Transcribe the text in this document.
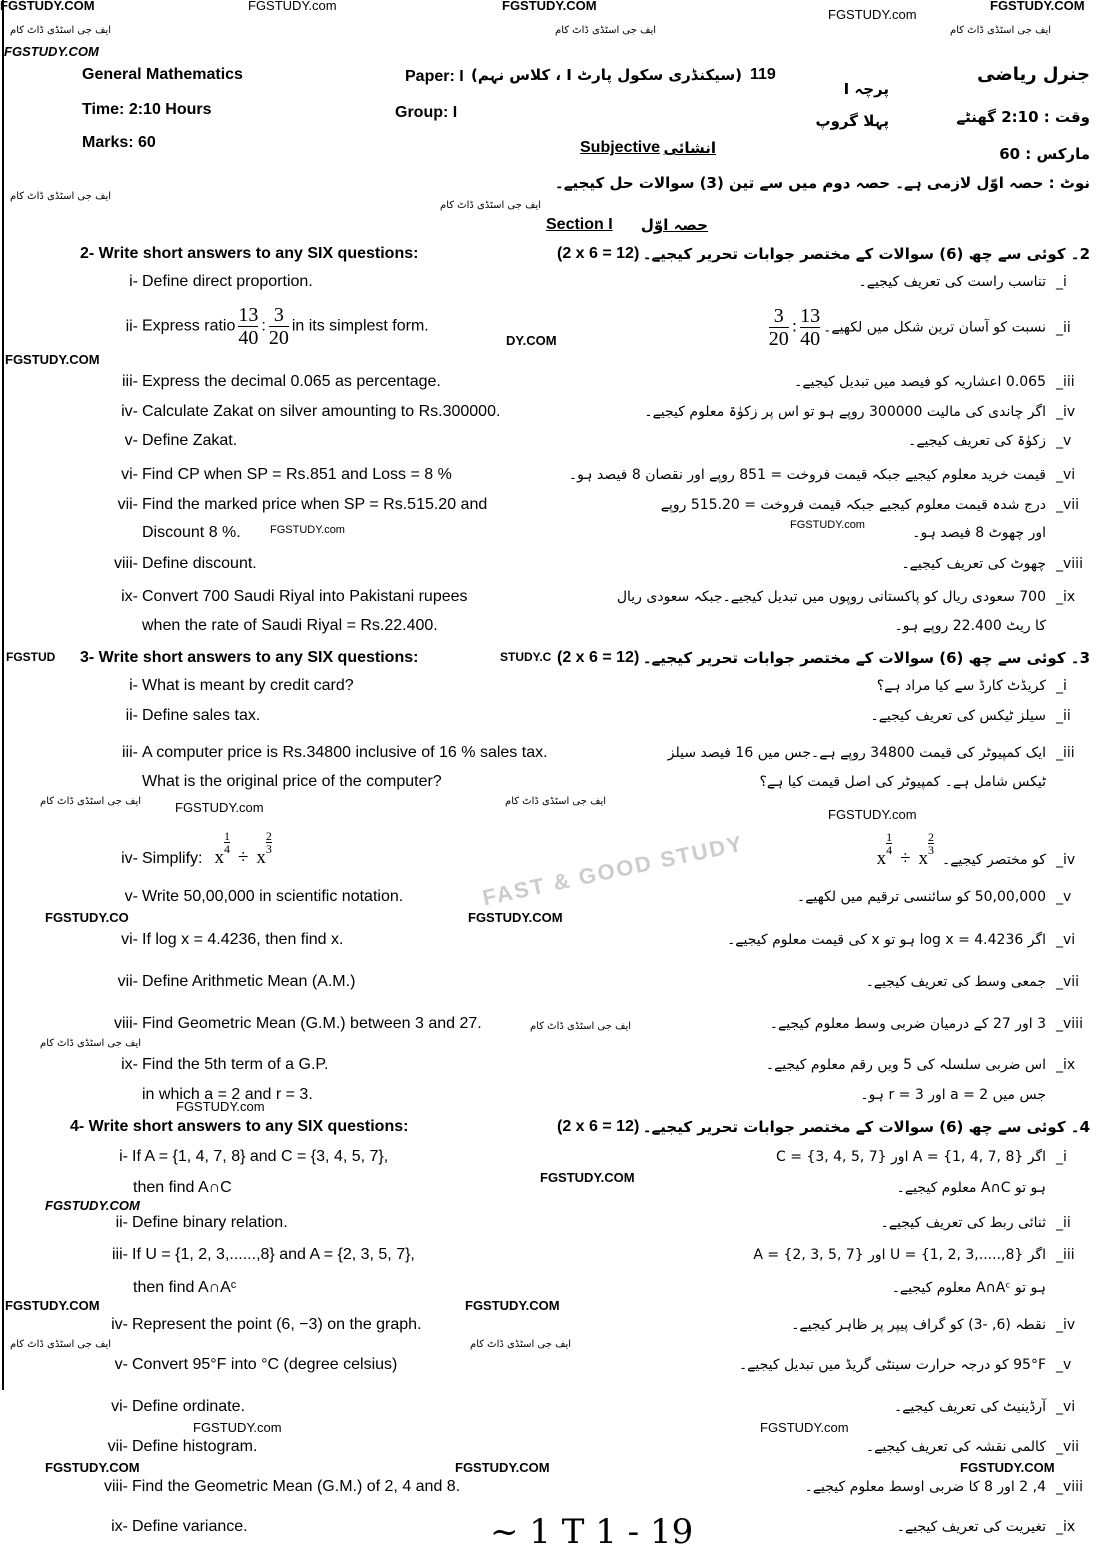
FGSTUDY.COM	FGSTUDY.com	FGSTUDY.COM
FGSTUDY.com
FGSTUDY.COM
ایف جی اسٹڈی ڈاٹ کام	ایف جی اسٹڈی ڈاٹ کام	ایف جی اسٹڈی ڈاٹ کام
FGSTUDY.COM
ایف جی اسٹڈی ڈاٹ کام
ایف جی اسٹڈی ڈاٹ کام
FGSTUDY.COM
DY.COM
FGSTUDY.com	FGSTUDY.com
FGSTUD	STUDY.C
ایف جی اسٹڈی ڈاٹ کام	ایف جی اسٹڈی ڈاٹ کام
FGSTUDY.com	FGSTUDY.com
FAST & GOOD STUDY
FGSTUDY.CO	FGSTUDY.COM
ایف جی اسٹڈی ڈاٹ کام
ایف جی اسٹڈی ڈاٹ کام
FGSTUDY.com
FGSTUDY.COM
FGSTUDY.COM
FGSTUDY.COM	FGSTUDY.COM
ایف جی اسٹڈی ڈاٹ کام	ایف جی اسٹڈی ڈاٹ کام
FGSTUDY.com	FGSTUDY.com
FGSTUDY.COM	FGSTUDY.COM	FGSTUDY.COM
General Mathematics
Time: 2:10 Hours
Marks: 60
Paper: I
Group: I
119
(سیکنڈری سکول پارٹ I ، کلاس نہم)	جنرل ریاضی
پرچہ I
پہلا گروپ	وقت : 2:10 گھنٹے
مارکس : 60
Subjective انشائی
نوٹ : حصہ اوّل لازمی ہے۔ حصہ دوم میں سے تین (3) سوالات حل کیجیے۔
Section I حصہ اوّل
2- Write short answers to any SIX questions:	(2 x 6 = 12) 2۔ کوئی سے چھ (6) سوالات کے مختصر جوابات تحریر کیجیے۔
i- Define direct proportion.	_iتناسب راست کی تعریف کیجیے۔
ii- Express ratio $\frac{13}{40}$ : $\frac{3}{20}$ in its simplest form.	_iiنسبت کو آسان ترین شکل میں لکھیے۔
$\frac{13}{40}$
:
$\frac{3}{20}$
iii- Express the decimal 0.065 as percentage.	_iii0.065 اعشاریہ کو فیصد میں تبدیل کیجیے۔
iv- Calculate Zakat on silver amounting to Rs.300000.	_ivاگر چاندی کی مالیت 300000 روپے ہو تو اس پر زکوٰۃ معلوم کیجیے۔
v- Define Zakat.	_vزکوٰۃ کی تعریف کیجیے۔
vi- Find CP when SP = Rs.851 and Loss = 8 %	_viقیمت خرید معلوم کیجیے جبکہ قیمت فروخت = 851 روپے اور نقصان 8 فیصد ہو۔
vii- Find the marked price when SP = Rs.515.20 and
Discount 8 %.
_viiدرج شدہ قیمت معلوم کیجیے جبکہ قیمت فروخت = 515.20 روپے
اور چھوٹ 8 فیصد ہو۔
viii- Define discount.	_viiiچھوٹ کی تعریف کیجیے۔
ix- Convert 700 Saudi Riyal into Pakistani rupees
when the rate of Saudi Riyal = Rs.22.400.
_ix700 سعودی ریال کو پاکستانی روپوں میں تبدیل کیجیے۔جبکہ سعودی ریال
کا ریٹ 22.400 روپے ہو۔
3- Write short answers to any SIX questions:	(2 x 6 = 12) 3۔ کوئی سے چھ (6) سوالات کے مختصر جوابات تحریر کیجیے۔
i- What is meant by credit card?	_iکریڈٹ کارڈ سے کیا مراد ہے؟
ii- Define sales tax.	_iiسیلز ٹیکس کی تعریف کیجیے۔
iii- A computer price is Rs.34800 inclusive of 16 % sales tax.
What is the original price of the computer?
_iiiایک کمپیوٹر کی قیمت 34800 روپے ہے۔جس میں 16 فیصد سیلز
ٹیکس شامل ہے۔ کمپیوٹر کی اصل قیمت کیا ہے؟
iv- Simplify: x
$\frac{1}{4}$
÷ x
$\frac{2}{3}$
_ivکو مختصر کیجیے۔x
$\frac{1}{4}$
÷ x
$\frac{2}{3}$
v- Write 50,00,000 in scientific notation.	_v50,00,000 کو سائنسی ترقیم میں لکھیے۔
vi- If log x = 4.4236, then find x.	_viاگر log x = 4.4236 ہو تو x کی قیمت معلوم کیجیے۔
vii- Define Arithmetic Mean (A.M.)	_viiجمعی وسط کی تعریف کیجیے۔
viii- Find Geometric Mean (G.M.) between 3 and 27.	_viii3 اور 27 کے درمیان ضربی وسط معلوم کیجیے۔
ix- Find the 5th term of a G.P.
in which a = 2 and r = 3.
_ixاس ضربی سلسلہ کی 5 ویں رقم معلوم کیجیے۔
جس میں a = 2 اور r = 3 ہو۔
4- Write short answers to any SIX questions:	(2 x 6 = 12) 4۔ کوئی سے چھ (6) سوالات کے مختصر جوابات تحریر کیجیے۔
i- If A = {1, 4, 7, 8} and C = {3, 4, 5, 7},
then find A∩C
_iاگر A = {1, 4, 7, 8} اور C = {3, 4, 5, 7}
ہو تو A∩C معلوم کیجیے۔
ii- Define binary relation.	_iiثنائی ربط کی تعریف کیجیے۔
iii- If U = {1, 2, 3,......,8} and A = {2, 3, 5, 7},
then find A∩Aᶜ
_iiiاگر U = {1, 2, 3,.....,8} اور A = {2, 3, 5, 7}
ہو تو A∩Aᶜ معلوم کیجیے۔
iv- Represent the point (6, −3) on the graph.	_ivنقطہ (6, -3) کو گراف پیپر پر ظاہر کیجیے۔
v- Convert 95°F into °C (degree celsius)	_v95°F کو درجہ حرارت سینٹی گریڈ میں تبدیل کیجیے۔
vi- Define ordinate.	_viآرڈینیٹ کی تعریف کیجیے۔
vii- Define histogram.	_viiکالمی نقشہ کی تعریف کیجیے۔
viii- Find the Geometric Mean (G.M.) of 2, 4 and 8.	_viii4, 2 اور 8 کا ضربی اوسط معلوم کیجیے۔
ix- Define variance.	_ixتغیریت کی تعریف کیجیے۔
~ 1 T 1 - 19
